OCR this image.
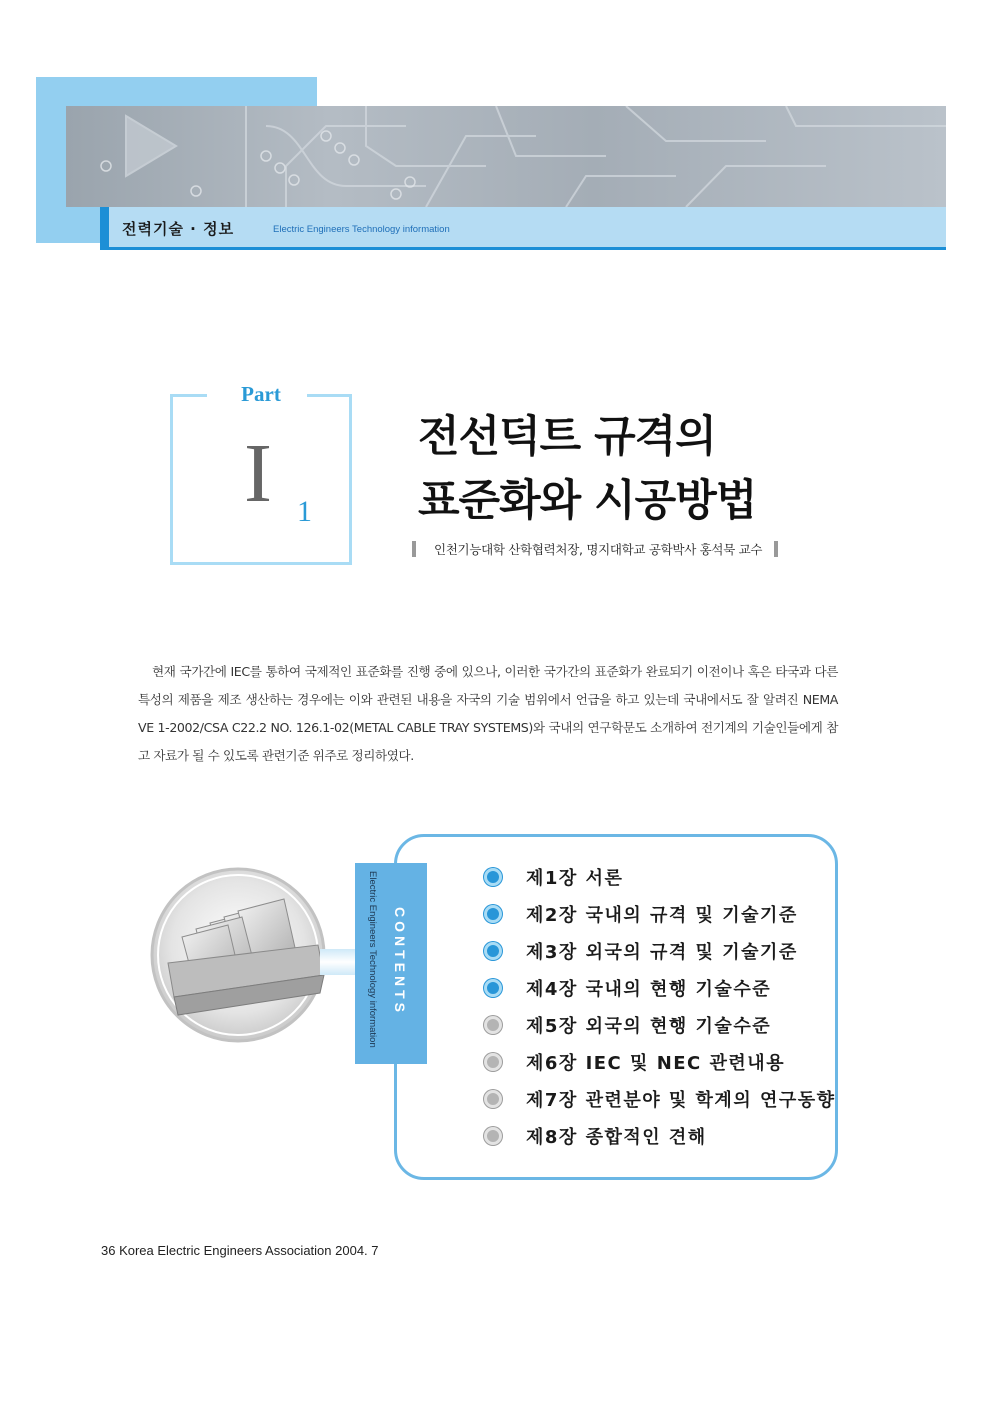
전력기술 · 정보	Electric Engineers Technology information
Part
I 1
전선덕트 규격의
표준화와 시공방법
인천기능대학 산학협력처장, 명지대학교 공학박사 홍석묵 교수

현재 국가간에 IEC를 통하여 국제적인 표준화를 진행 중에 있으나, 이러한 국가간의 표준화가 완료되기 이전이나 혹은 타국과 다른 특성의 제품을 제조 생산하는 경우에는 이와 관련된 내용을 자국의 기술 범위에서 언급을 하고 있는데 국내에서도 잘 알려진 NEMA VE 1-2002/CSA C22.2 NO. 126.1-02(METAL CABLE TRAY SYSTEMS)와 국내의 연구학문도 소개하여 전기계의 기술인들에게 참고 자료가 될 수 있도록 관련기준 위주로 정리하였다.

Electric Engineers Technology information CONTENTS
제1장 서론
제2장 국내의 규격 및 기술기준
제3장 외국의 규격 및 기술기준
제4장 국내의 현행 기술수준
제5장 외국의 현행 기술수준
제6장 IEC 및 NEC 관련내용
제7장 관련분야 및 학계의 연구동향
제8장 종합적인 견해
36 Korea Electric Engineers Association 2004. 7
